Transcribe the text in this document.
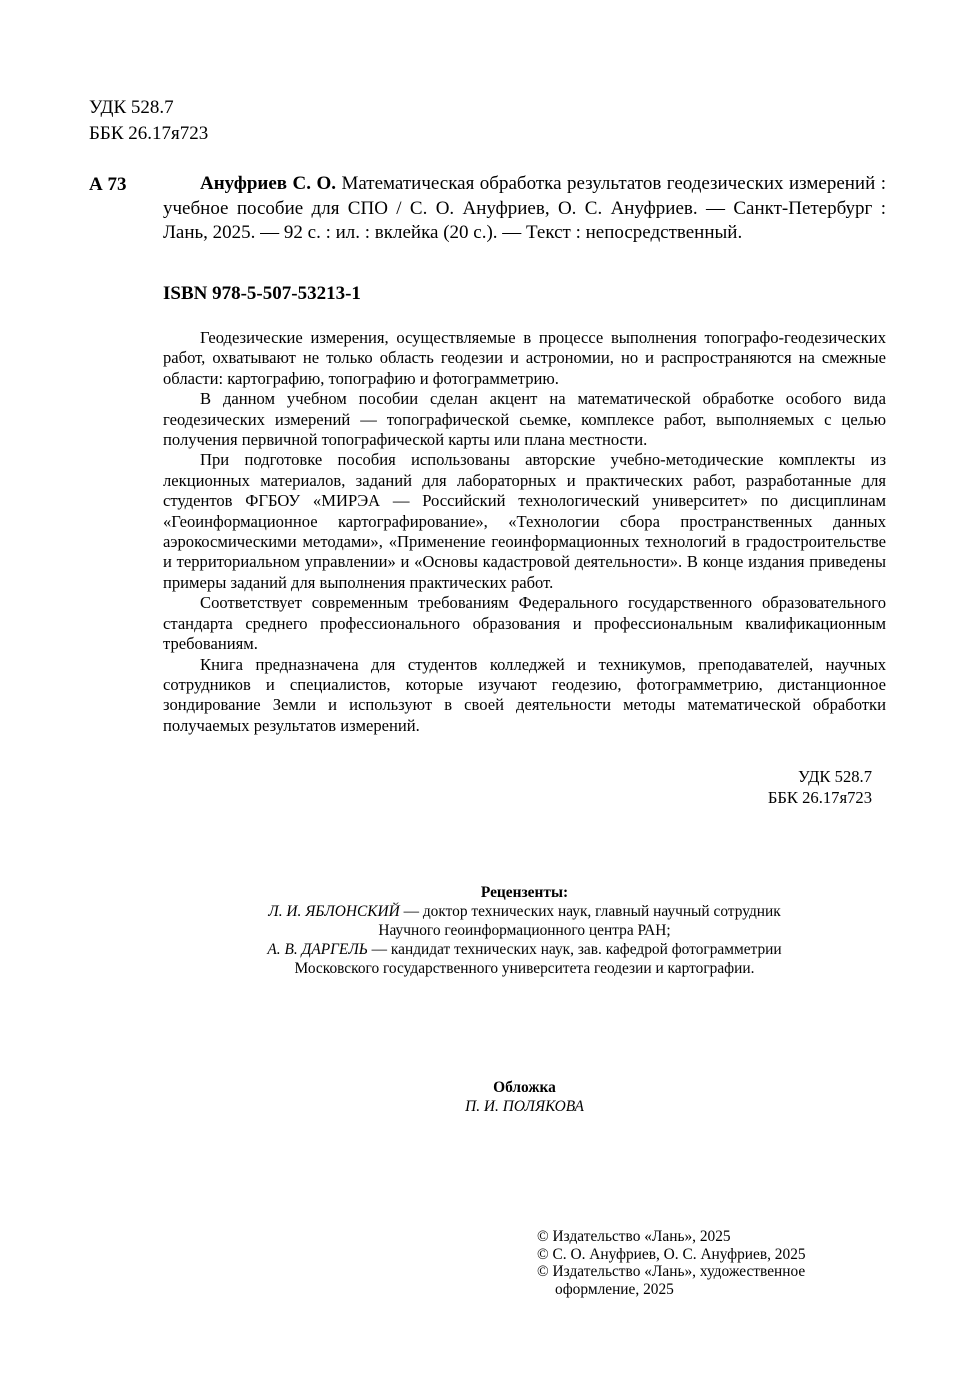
УДК 528.7
ББК 26.17я723
А 73	Ануфриев С. О. Математическая обработка результатов геодезических измерений : учебное пособие для СПО / С. О. Ануфриев, О. С. Ануфриев. — Санкт-Петербург : Лань, 2025. — 92 с. : ил. : вклейка (20 с.). — Текст : непосредственный.
ISBN 978-5-507-53213-1

Геодезические измерения, осуществляемые в процессе выполнения топографо-геодезических работ, охватывают не только область геодезии и астрономии, но и распространяются на смежные области: картографию, топографию и фотограмметрию.

В данном учебном пособии сделан акцент на математической обработке особого вида геодезических измерений — топографической сьемке, комплексе работ, выполняемых с целью получения первичной топографической карты или плана местности.

При подготовке пособия использованы авторские учебно-методические комплекты из лекционных материалов, заданий для лабораторных и практических работ, разработанные для студентов ФГБОУ «МИРЭА — Российский технологический университет» по дисциплинам «Геоинформационное картографирование», «Технологии сбора пространственных данных аэрокосмическими методами», «Применение геоинформационных технологий в градостроительстве и территориальном управлении» и «Основы кадастровой деятельности». В конце издания приведены примеры заданий для выполнения практических работ.

Соответствует современным требованиям Федерального государственного образовательного стандарта среднего профессионального образования и профессиональным квалификационным требованиям.

Книга предназначена для студентов колледжей и техникумов, преподавателей, научных сотрудников и специалистов, которые изучают геодезию, фотограмметрию, дистанционное зондирование Земли и используют в своей деятельности методы математической обработки получаемых результатов измерений.

УДК 528.7
ББК 26.17я723
Рецензенты:
Л. И. ЯБЛОНСКИЙ — доктор технических наук, главный научный сотрудник
Научного геоинформационного центра РАН;
А. В. ДАРГЕЛЬ — кандидат технических наук, зав. кафедрой фотограмметрии
Московского государственного университета геодезии и картографии.
Обложка
П. И. ПОЛЯКОВА
© Издательство «Лань», 2025
© С. О. Ануфриев, О. С. Ануфриев, 2025
© Издательство «Лань», художественное оформление, 2025
